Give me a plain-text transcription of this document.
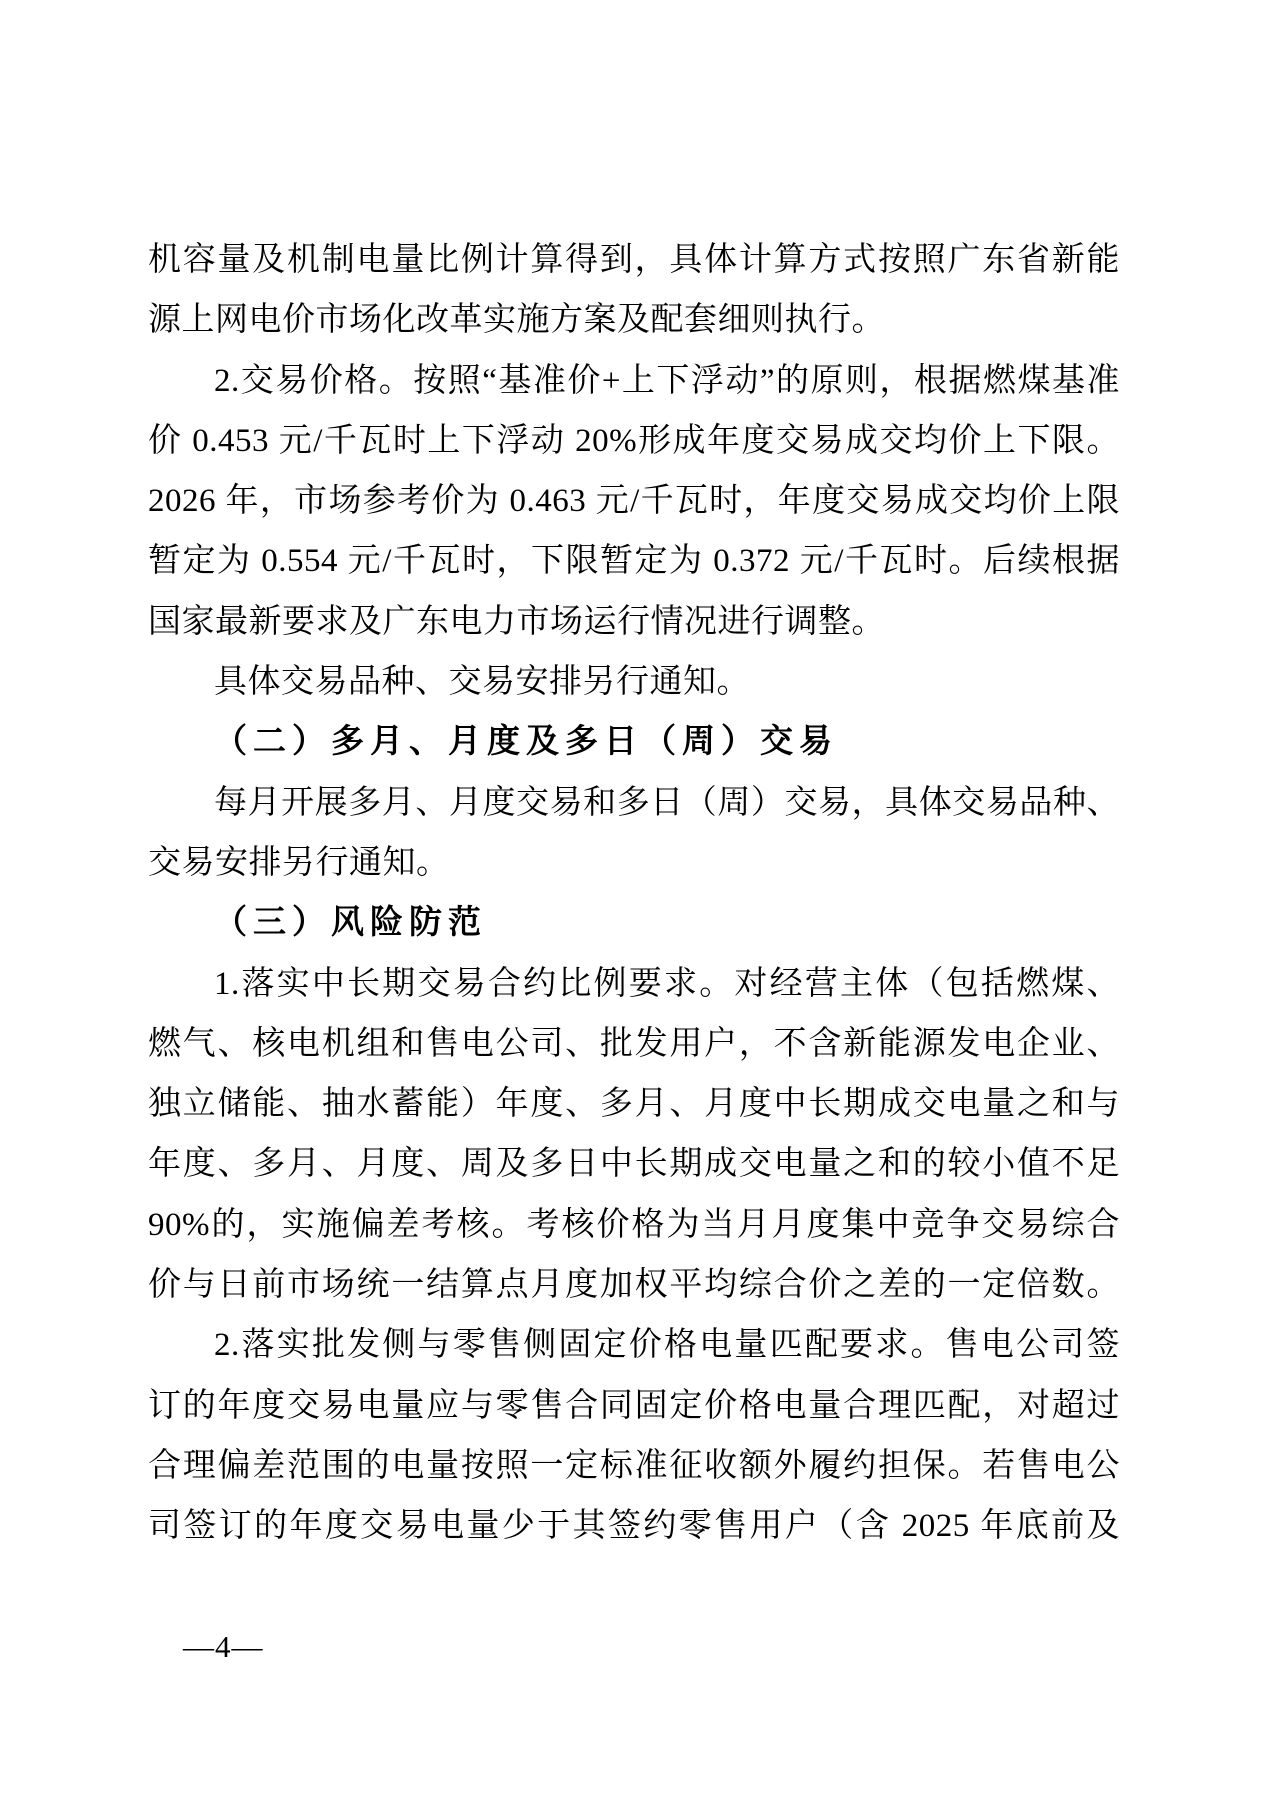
机容量及机制电量比例计算得到，具体计算方式按照广东省新能
源上网电价市场化改革实施方案及配套细则执行。
2.交易价格。按照“基准价+上下浮动”的原则，根据燃煤基准
价 0.453 元/千瓦时上下浮动 20%形成年度交易成交均价上下限。
2026 年，市场参考价为 0.463 元/千瓦时，年度交易成交均价上限
暂定为 0.554 元/千瓦时，下限暂定为 0.372 元/千瓦时。后续根据
国家最新要求及广东电力市场运行情况进行调整。
具体交易品种、交易安排另行通知。
（二）多月、月度及多日（周）交易
每月开展多月、月度交易和多日（周）交易，具体交易品种、
交易安排另行通知。
（三）风险防范
1.落实中长期交易合约比例要求。对经营主体（包括燃煤、
燃气、核电机组和售电公司、批发用户，不含新能源发电企业、
独立储能、抽水蓄能）年度、多月、月度中长期成交电量之和与
年度、多月、月度、周及多日中长期成交电量之和的较小值不足
90%的，实施偏差考核。考核价格为当月月度集中竞争交易综合
价与日前市场统一结算点月度加权平均综合价之差的一定倍数。
2.落实批发侧与零售侧固定价格电量匹配要求。售电公司签
订的年度交易电量应与零售合同固定价格电量合理匹配，对超过
合理偏差范围的电量按照一定标准征收额外履约担保。若售电公
司签订的年度交易电量少于其签约零售用户（含 2025 年底前及
—4—
